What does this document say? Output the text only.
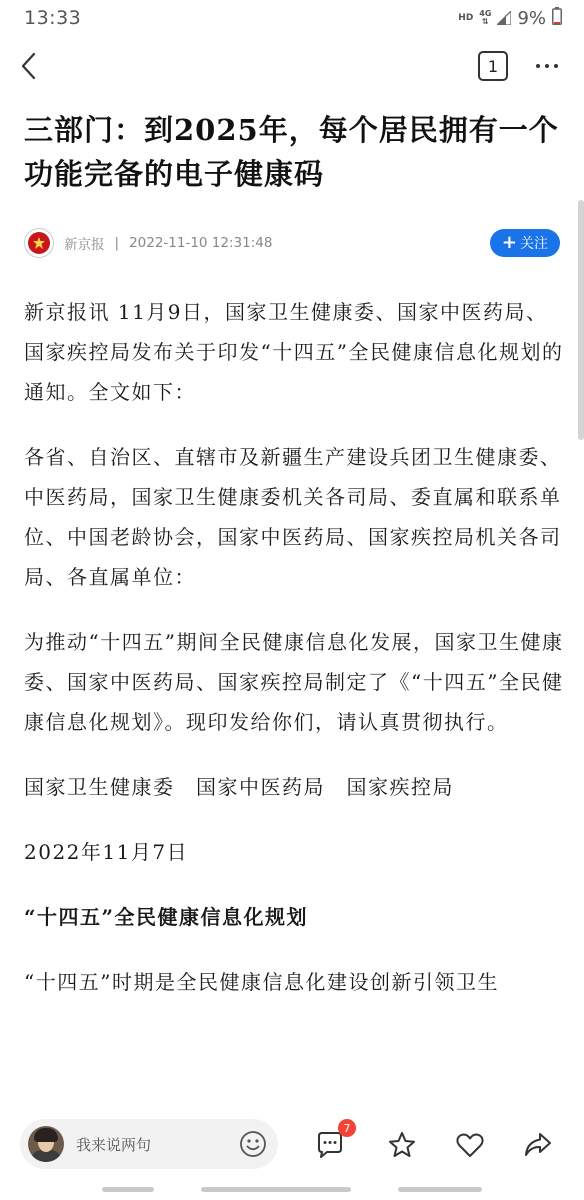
13:33	HD 4G
⇅ 9%
1
三部门：到2025年，每个居民拥有一个功能完备的电子健康码
新京报 | 2022-11-10 12:31:48	+ 关注

新京报讯 11月9日，国家卫生健康委、国家中医药局、国家疾控局发布关于印发“十四五”全民健康信息化规划的通知。全文如下：

各省、自治区、直辖市及新疆生产建设兵团卫生健康委、中医药局，国家卫生健康委机关各司局、委直属和联系单位、中国老龄协会，国家中医药局、国家疾控局机关各司局、各直属单位：

为推动“十四五”期间全民健康信息化发展，国家卫生健康委、国家中医药局、国家疾控局制定了《“十四五”全民健康信息化规划》。现印发给你们，请认真贯彻执行。

国家卫生健康委　国家中医药局　国家疾控局

2022年11月7日

“十四五”全民健康信息化规划

“十四五”时期是全民健康信息化建设创新引领卫生

我来说两句
7
